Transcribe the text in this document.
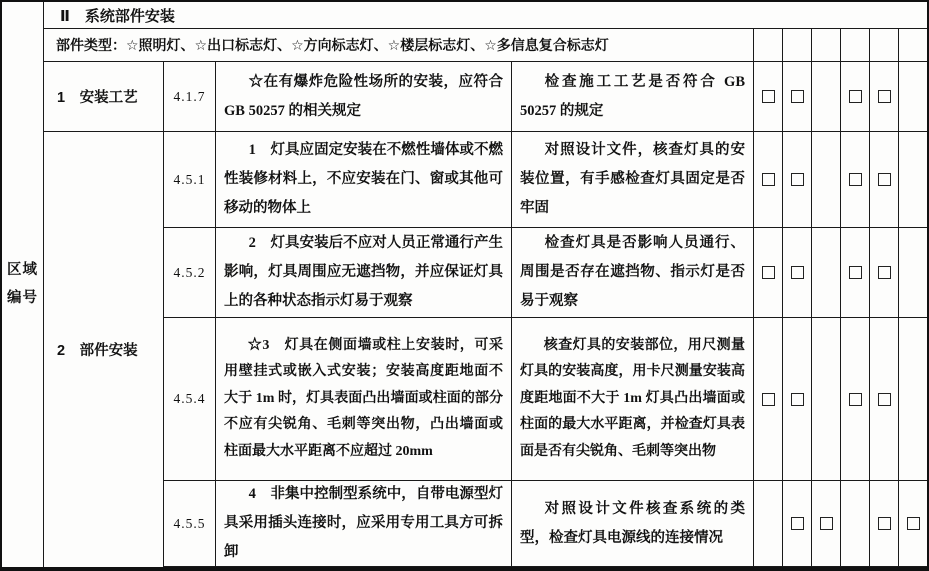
区域
编号
Ⅱ　系统部件安装
部件类型：☆照明灯、☆出口标志灯、☆方向标志灯、☆楼层标志灯、☆多信息复合标志灯
1　安装工艺	4.1.7

☆在有爆炸危险性场所的安装，应符合 GB 50257 的相关规定

检查施工工艺是否符合 GB 50257 的规定

2　部件安装
4.5.1

1　灯具应固定安装在不燃性墙体或不燃性装修材料上，不应安装在门、窗或其他可移动的物体上

对照设计文件，核查灯具的安装位置，有手感检查灯具固定是否牢固

4.5.2

2　灯具安装后不应对人员正常通行产生影响，灯具周围应无遮挡物，并应保证灯具上的各种状态指示灯易于观察

检查灯具是否影响人员通行、周围是否存在遮挡物、指示灯是否易于观察

4.5.4

☆3　灯具在侧面墙或柱上安装时，可采用壁挂式或嵌入式安装；安装高度距地面不大于 1m 时，灯具表面凸出墙面或柱面的部分不应有尖锐角、毛刺等突出物，凸出墙面或柱面最大水平距离不应超过 20mm

核查灯具的安装部位，用尺测量灯具的安装高度，用卡尺测量安装高度距地面不大于 1m 灯具凸出墙面或柱面的最大水平距离，并检查灯具表面是否有尖锐角、毛刺等突出物

4.5.5

4　非集中控制型系统中，自带电源型灯具采用插头连接时，应采用专用工具方可拆卸

对照设计文件核查系统的类型，检查灯具电源线的连接情况
